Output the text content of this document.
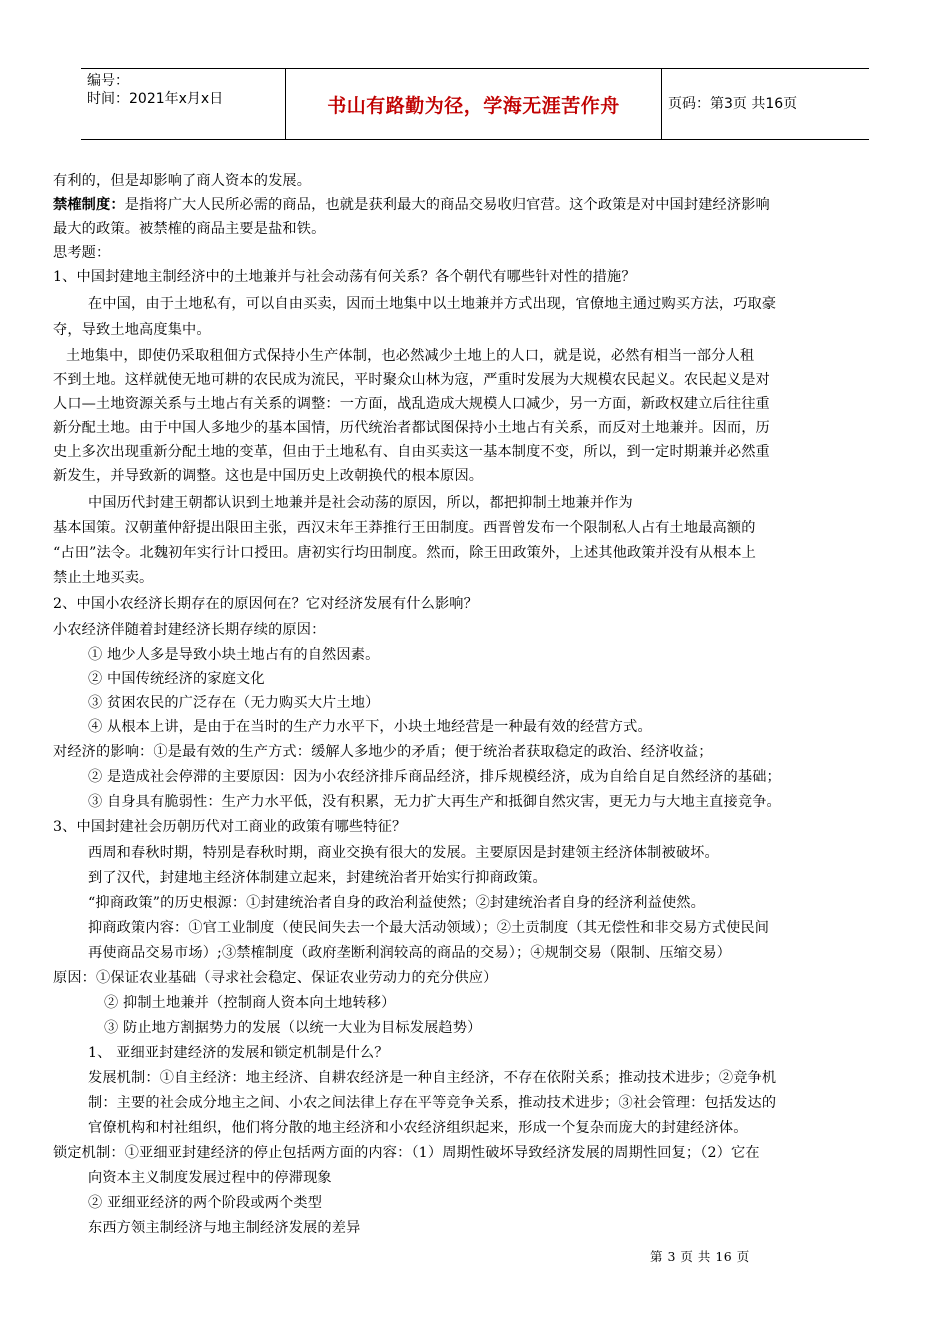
编号：
时间：2021年x月x日	书山有路勤为径，学海无涯苦作舟	页码：第3页 共16页
有利的，但是却影响了商人资本的发展。
禁榷制度：是指将广大人民所必需的商品，也就是获利最大的商品交易收归官营。这个政策是对中国封建经济影响
最大的政策。被禁榷的商品主要是盐和铁。
思考题：
1、中国封建地主制经济中的土地兼并与社会动荡有何关系？各个朝代有哪些针对性的措施？
在中国，由于土地私有，可以自由买卖，因而土地集中以土地兼并方式出现，官僚地主通过购买方法，巧取豪
夺，导致土地高度集中。
土地集中，即使仍采取租佃方式保持小生产体制，也必然减少土地上的人口，就是说，必然有相当一部分人租
不到土地。这样就使无地可耕的农民成为流民，平时聚众山林为寇，严重时发展为大规模农民起义。农民起义是对
人口—土地资源关系与土地占有关系的调整：一方面，战乱造成大规模人口减少，另一方面，新政权建立后往往重
新分配土地。由于中国人多地少的基本国情，历代统治者都试图保持小土地占有关系，而反对土地兼并。因而，历
史上多次出现重新分配土地的变革，但由于土地私有、自由买卖这一基本制度不变，所以，到一定时期兼并必然重
新发生，并导致新的调整。这也是中国历史上改朝换代的根本原因。
中国历代封建王朝都认识到土地兼并是社会动荡的原因，所以，都把抑制土地兼并作为
基本国策。汉朝董仲舒提出限田主张，西汉末年王莽推行王田制度。西晋曾发布一个限制私人占有土地最高额的
“占田”法令。北魏初年实行计口授田。唐初实行均田制度。然而，除王田政策外，上述其他政策并没有从根本上
禁止土地买卖。
2、中国小农经济长期存在的原因何在？它对经济发展有什么影响？
小农经济伴随着封建经济长期存续的原因：
① 地少人多是导致小块土地占有的自然因素。
② 中国传统经济的家庭文化
③ 贫困农民的广泛存在（无力购买大片土地）
④ 从根本上讲，是由于在当时的生产力水平下，小块土地经营是一种最有效的经营方式。
对经济的影响：①是最有效的生产方式：缓解人多地少的矛盾；便于统治者获取稳定的政治、经济收益；
② 是造成社会停滞的主要原因：因为小农经济排斥商品经济，排斥规模经济，成为自给自足自然经济的基础；
③ 自身具有脆弱性：生产力水平低，没有积累，无力扩大再生产和抵御自然灾害，更无力与大地主直接竞争。
3、中国封建社会历朝历代对工商业的政策有哪些特征？
西周和春秋时期，特别是春秋时期，商业交换有很大的发展。主要原因是封建领主经济体制被破坏。
到了汉代，封建地主经济体制建立起来，封建统治者开始实行抑商政策。
“抑商政策”的历史根源：①封建统治者自身的政治利益使然；②封建统治者自身的经济利益使然。
抑商政策内容：①官工业制度（使民间失去一个最大活动领域）；②土贡制度（其无偿性和非交易方式使民间
再使商品交易市场）;③禁榷制度（政府垄断利润较高的商品的交易）；④规制交易（限制、压缩交易）
原因：①保证农业基础（寻求社会稳定、保证农业劳动力的充分供应）
② 抑制土地兼并（控制商人资本向土地转移）
③ 防止地方割据势力的发展（以统一大业为目标发展趋势）
1、 亚细亚封建经济的发展和锁定机制是什么？
发展机制：①自主经济：地主经济、自耕农经济是一种自主经济，不存在依附关系；推动技术进步；②竞争机
制：主要的社会成分地主之间、小农之间法律上存在平等竞争关系，推动技术进步；③社会管理：包括发达的
官僚机构和村社组织，他们将分散的地主经济和小农经济组织起来，形成一个复杂而庞大的封建经济体。
锁定机制：①亚细亚封建经济的停止包括两方面的内容：（1）周期性破坏导致经济发展的周期性回复；（2）它在
向资本主义制度发展过程中的停滞现象
② 亚细亚经济的两个阶段或两个类型
东西方领主制经济与地主制经济发展的差异
第 3 页 共 16 页
